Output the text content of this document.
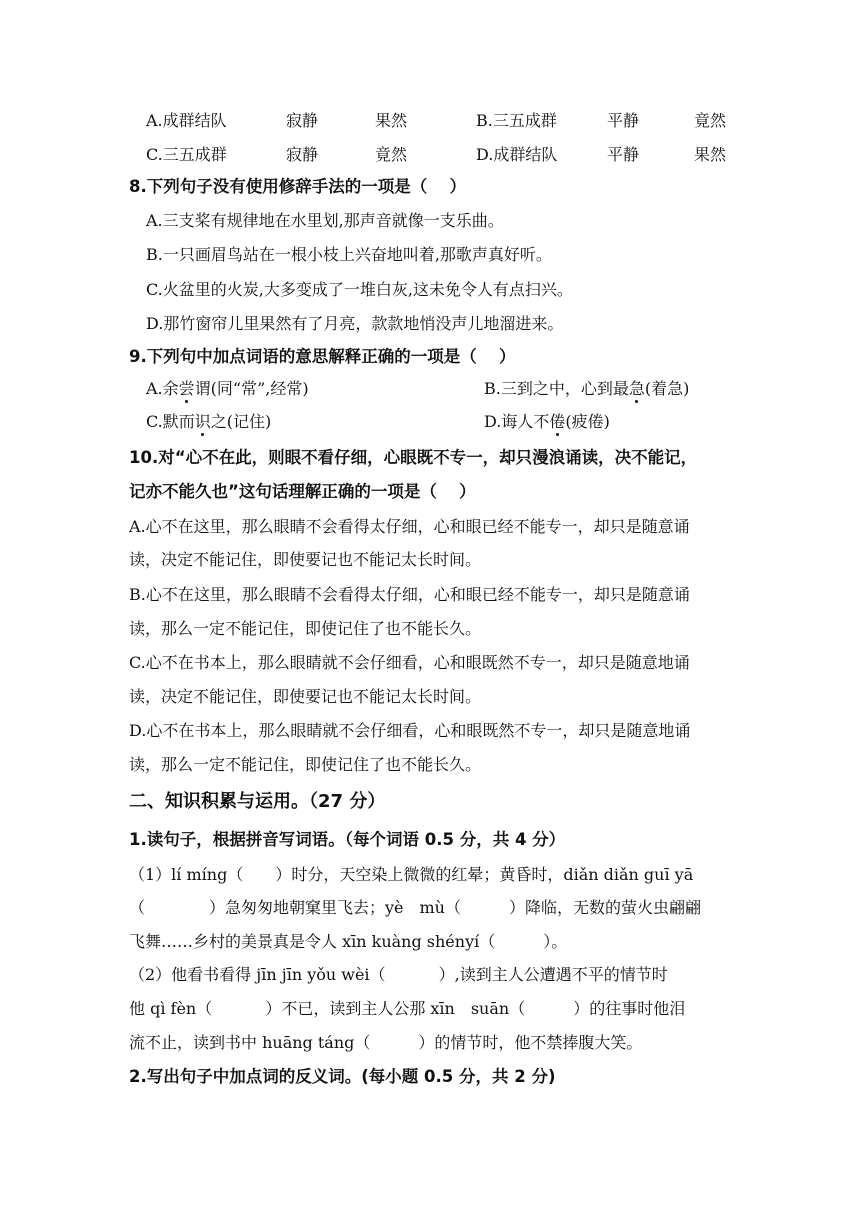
A.成群结队	寂静	果然	B.三五成群	平静	竟然
C.三五成群	寂静	竟然	D.成群结队	平静	果然
8.下列句子没有使用修辞手法的一项是（　 ）
A.三支桨有规律地在水里划,那声音就像一支乐曲。
B.一只画眉鸟站在一根小枝上兴奋地叫着,那歌声真好听。
C.火盆里的火炭,大多变成了一堆白灰,这未免令人有点扫兴。
D.那竹窗帘儿里果然有了月亮，款款地悄没声儿地溜进来。
9.下列句中加点词语的意思解释正确的一项是（　 ）
A.余尝谓(同“常”,经常)	B.三到之中，心到最急(着急)
C.默而识之(记住)	D.诲人不倦(疲倦)
10.对“心不在此，则眼不看仔细，心眼既不专一，却只漫浪诵读，决不能记，
记亦不能久也”这句话理解正确的一项是（　 ）
A.心不在这里，那么眼睛不会看得太仔细，心和眼已经不能专一，却只是随意诵
读，决定不能记住，即使要记也不能记太长时间。
B.心不在这里，那么眼睛不会看得太仔细，心和眼已经不能专一，却只是随意诵
读，那么一定不能记住，即使记住了也不能长久。
C.心不在书本上，那么眼睛就不会仔细看，心和眼既然不专一，却只是随意地诵
读，决定不能记住，即使要记也不能记太长时间。
D.心不在书本上，那么眼睛就不会仔细看，心和眼既然不专一，却只是随意地诵
读，那么一定不能记住，即使记住了也不能长久。
二、知识积累与运用。（27 分）
1.读句子，根据拼音写词语。（每个词语 0.5 分，共 4 分）
（1）lí míng（　　）时分，天空染上微微的红晕；黄昏时，diǎn diǎn guī yā
（　　　　）急匆匆地朝窠里飞去；yè　mù（　　　）降临，无数的萤火虫翩翩
飞舞……乡村的美景真是令人 xīn kuàng shényí（　　　）。
（2）他看书看得 jīn jīn yǒu wèi（　　　 ）,读到主人公遭遇不平的情节时
他 qì fèn（　　　 ）不已，读到主人公那 xīn　suān（　　　）的往事时他泪
流不止，读到书中 huāng táng（　　　）的情节时，他不禁捧腹大笑。
2.写出句子中加点词的反义词。(每小题 0.5 分，共 2 分)
